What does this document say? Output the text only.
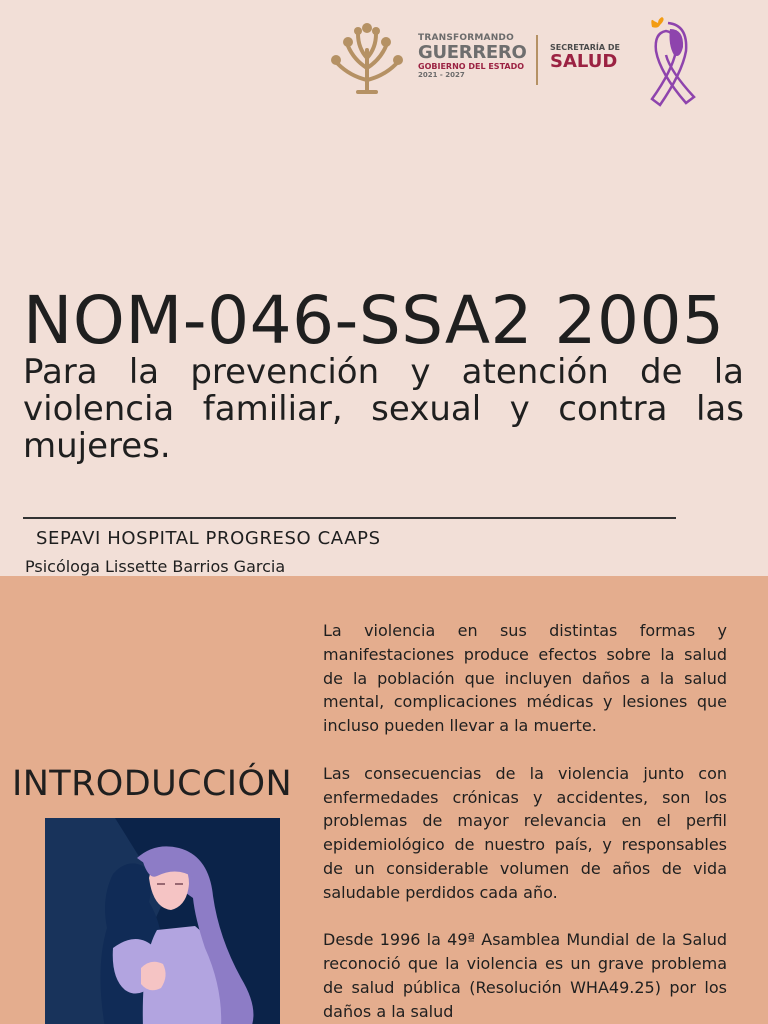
TRANSFORMANDO
GUERRERO
GOBIERNO DEL ESTADO
2021 - 2027
SECRETARÍA DE
SALUD
NOM-046-SSA2 2005
Para la prevención y atención de la violencia familiar, sexual y contra las mujeres.
SEPAVI HOSPITAL PROGRESO CAAPS
Psicóloga Lissette Barrios Garcia
INTRODUCCIÓN

La violencia en sus distintas formas y manifestaciones produce efectos sobre la salud de la población que incluyen daños a la salud mental, complicaciones médicas y lesiones que incluso pueden llevar a la muerte.

Las consecuencias de la violencia junto con enfermedades crónicas y accidentes, son los problemas de mayor relevancia en el perfil epidemiológico de nuestro país, y responsables de un considerable volumen de años de vida saludable perdidos cada año.

Desde 1996 la 49ª Asamblea Mundial de la Salud reconoció que la violencia es un grave problema de salud pública (Resolución WHA49.25) por los daños a la salud
